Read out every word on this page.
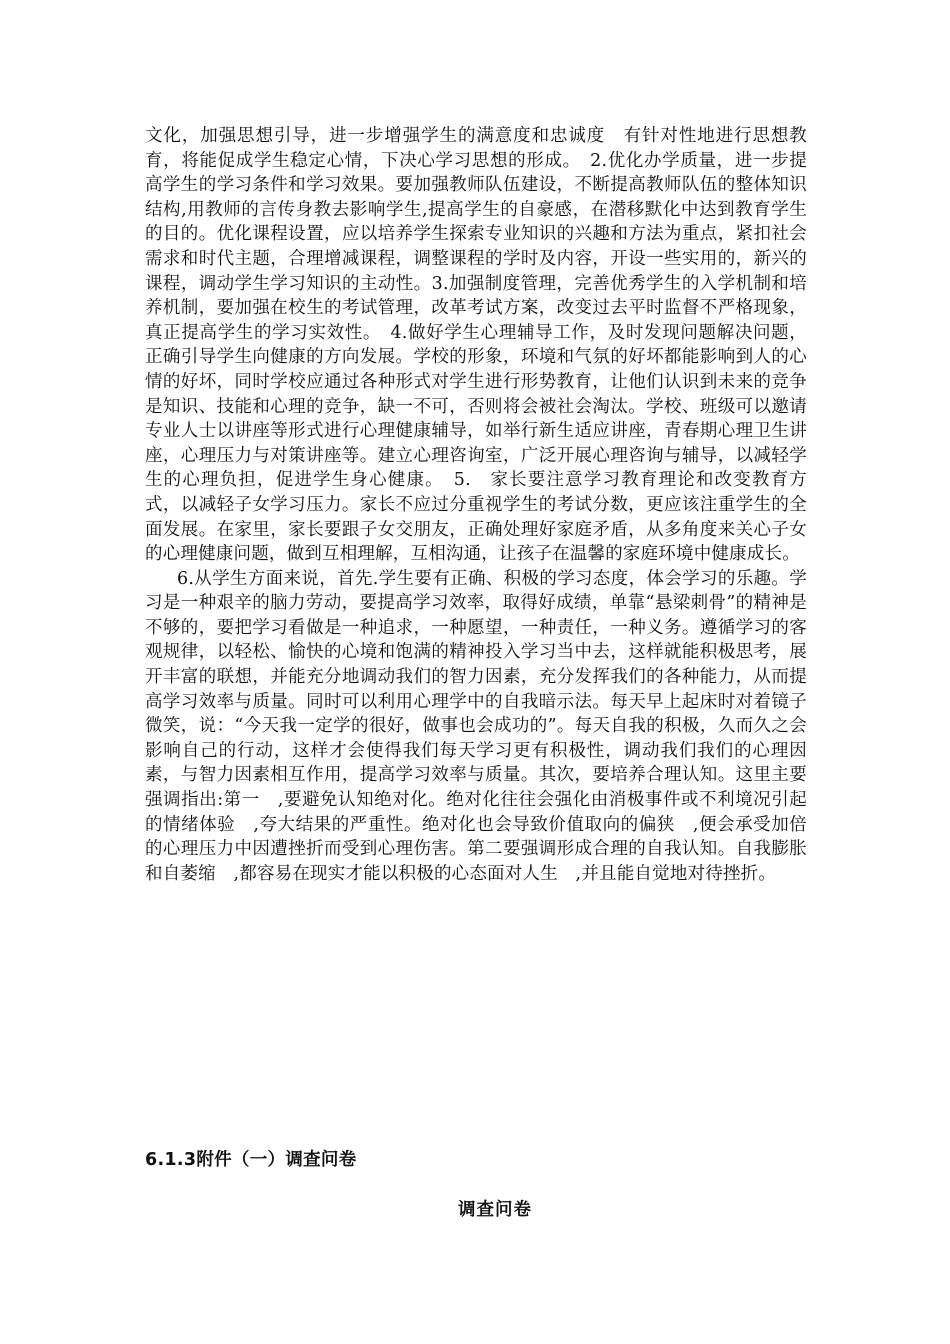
文化，加强思想引导，进一步增强学生的满意度和忠诚度　有针对性地进行思想教育，将能促成学生稳定心情，下决心学习思想的形成。　2.优化办学质量，进一步提高学生的学习条件和学习效果。要加强教师队伍建设，不断提高教师队伍的整体知识结构,用教师的言传身教去影响学生,提高学生的自豪感，在潜移默化中达到教育学生的目的。优化课程设置，应以培养学生探索专业知识的兴趣和方法为重点，紧扣社会需求和时代主题，合理增减课程，调整课程的学时及内容，开设一些实用的，新兴的课程，调动学生学习知识的主动性。3.加强制度管理，完善优秀学生的入学机制和培养机制，要加强在校生的考试管理，改革考试方案，改变过去平时监督不严格现象，真正提高学生的学习实效性。　4.做好学生心理辅导工作，及时发现问题解决问题，正确引导学生向健康的方向发展。学校的形象，环境和气氛的好坏都能影响到人的心情的好坏，同时学校应通过各种形式对学生进行形势教育，让他们认识到未来的竞争是知识、技能和心理的竞争，缺一不可，否则将会被社会淘汰。学校、班级可以邀请专业人士以讲座等形式进行心理健康辅导，如举行新生适应讲座，青春期心理卫生讲座，心理压力与对策讲座等。建立心理咨询室，广泛开展心理咨询与辅导，以减轻学生的心理负担，促进学生身心健康。　5.　家长要注意学习教育理论和改变教育方式，以减轻子女学习压力。家长不应过分重视学生的考试分数，更应该注重学生的全面发展。在家里，家长要跟子女交朋友，正确处理好家庭矛盾，从多角度来关心子女的心理健康问题，做到互相理解，互相沟通，让孩子在温馨的家庭环境中健康成长。

6.从学生方面来说，首先.学生要有正确、积极的学习态度，体会学习的乐趣。学习是一种艰辛的脑力劳动，要提高学习效率，取得好成绩，单靠“悬梁刺骨”的精神是不够的，要把学习看做是一种追求，一种愿望，一种责任，一种义务。遵循学习的客观规律，以轻松、愉快的心境和饱满的精神投入学习当中去，这样就能积极思考，展开丰富的联想，并能充分地调动我们的智力因素，充分发挥我们的各种能力，从而提高学习效率与质量。同时可以利用心理学中的自我暗示法。每天早上起床时对着镜子微笑，说：“今天我一定学的很好，做事也会成功的”。每天自我的积极，久而久之会影响自己的行动，这样才会使得我们每天学习更有积极性，调动我们我们的心理因素，与智力因素相互作用，提高学习效率与质量。其次，要培养合理认知。这里主要强调指出:第一　,要避免认知绝对化。绝对化往往会强化由消极事件或不利境况引起的情绪体验　,夸大结果的严重性。绝对化也会导致价值取向的偏狭　,便会承受加倍的心理压力中因遭挫折而受到心理伤害。第二要强调形成合理的自我认知。自我膨胀和自萎缩　,都容易在现实才能以积极的心态面对人生　,并且能自觉地对待挫折。

6.1.3附件（一）调查问卷
调查问卷
